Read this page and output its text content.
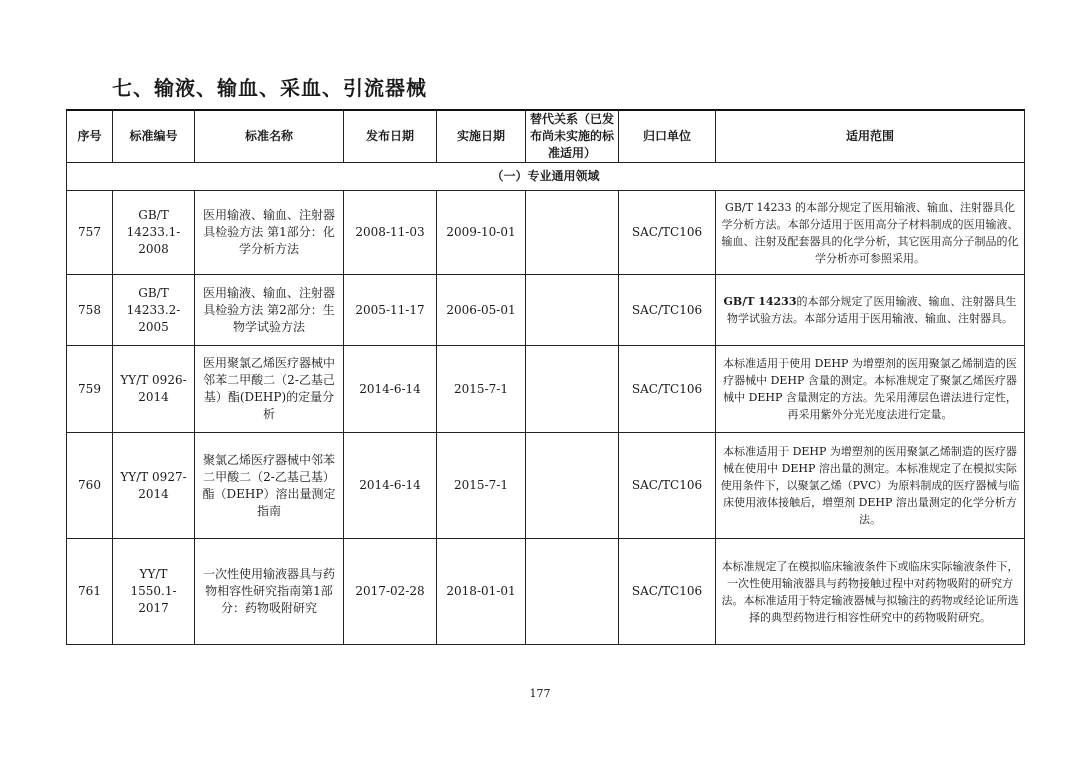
七、输液、输血、采血、引流器械
序号	标准编号	标准名称	发布日期	实施日期	替代关系（已发布尚未实施的标准适用）	归口单位	适用范围
（一）专业通用领域							
757	GB/T 14233.1-2008	医用输液、输血、注射器具检验方法 第1部分：化学分析方法	2008-11-03	2009-10-01		SAC/TC106	GB/T 14233 的本部分规定了医用输液、输血、注射器具化学分析方法。本部分适用于医用高分子材料制成的医用输液、输血、注射及配套器具的化学分析，其它医用高分子制品的化学分析亦可参照采用。
758	GB/T 14233.2-2005	医用输液、输血、注射器具检验方法 第2部分：生物学试验方法	2005-11-17	2006-05-01		SAC/TC106	GB/T 14233的本部分规定了医用输液、输血、注射器具生物学试验方法。本部分适用于医用输液、输血、注射器具。
759	YY/T 0926-2014	医用聚氯乙烯医疗器械中邻苯二甲酸二（2-乙基己基）酯(DEHP)的定量分析	2014-6-14	2015-7-1		SAC/TC106	本标准适用于使用 DEHP 为增塑剂的医用聚氯乙烯制造的医疗器械中 DEHP 含量的测定。本标准规定了聚氯乙烯医疗器械中 DEHP 含量测定的方法。先采用薄层色谱法进行定性，再采用紫外分光光度法进行定量。
760	YY/T 0927-2014	聚氯乙烯医疗器械中邻苯二甲酸二（2-乙基己基）酯（DEHP）溶出量测定指南	2014-6-14	2015-7-1		SAC/TC106	本标准适用于 DEHP 为增塑剂的医用聚氯乙烯制造的医疗器械在使用中 DEHP 溶出量的测定。本标准规定了在模拟实际使用条件下，以聚氯乙烯（PVC）为原料制成的医疗器械与临床使用液体接触后，增塑剂 DEHP 溶出量测定的化学分析方法。
761	YY/T 1550.1-2017	一次性使用输液器具与药物相容性研究指南第1部分：药物吸附研究	2017-02-28	2018-01-01		SAC/TC106	本标准规定了在模拟临床输液条件下或临床实际输液条件下，一次性使用输液器具与药物接触过程中对药物吸附的研究方法。本标准适用于特定输液器械与拟输注的药物或经论证所选择的典型药物进行相容性研究中的药物吸附研究。
177
